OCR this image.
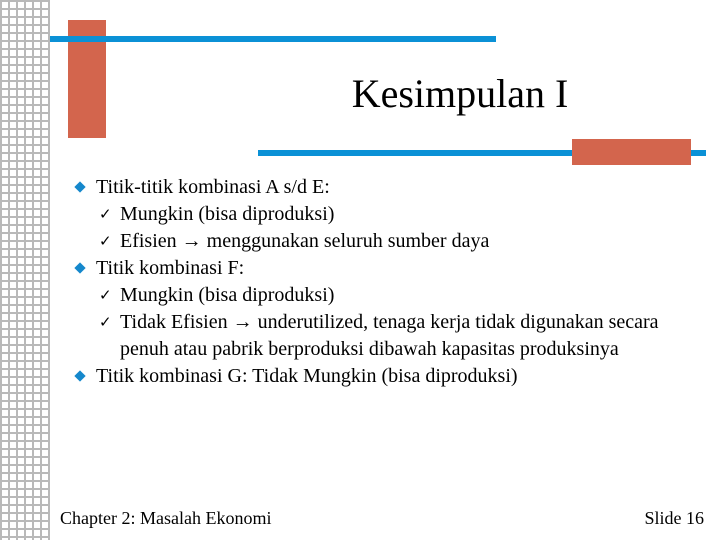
Kesimpulan I
Titik-titik kombinasi A s/d E:
✓ Mungkin (bisa diproduksi)
✓ Efisien → menggunakan seluruh sumber daya
Titik kombinasi F:
✓ Mungkin (bisa diproduksi)
✓ Tidak Efisien → underutilized, tenaga kerja tidak digunakan secara penuh atau pabrik berproduksi dibawah kapasitas produksinya
Titik kombinasi G: Tidak Mungkin (bisa diproduksi)
Chapter 2: Masalah Ekonomi	Slide 16
